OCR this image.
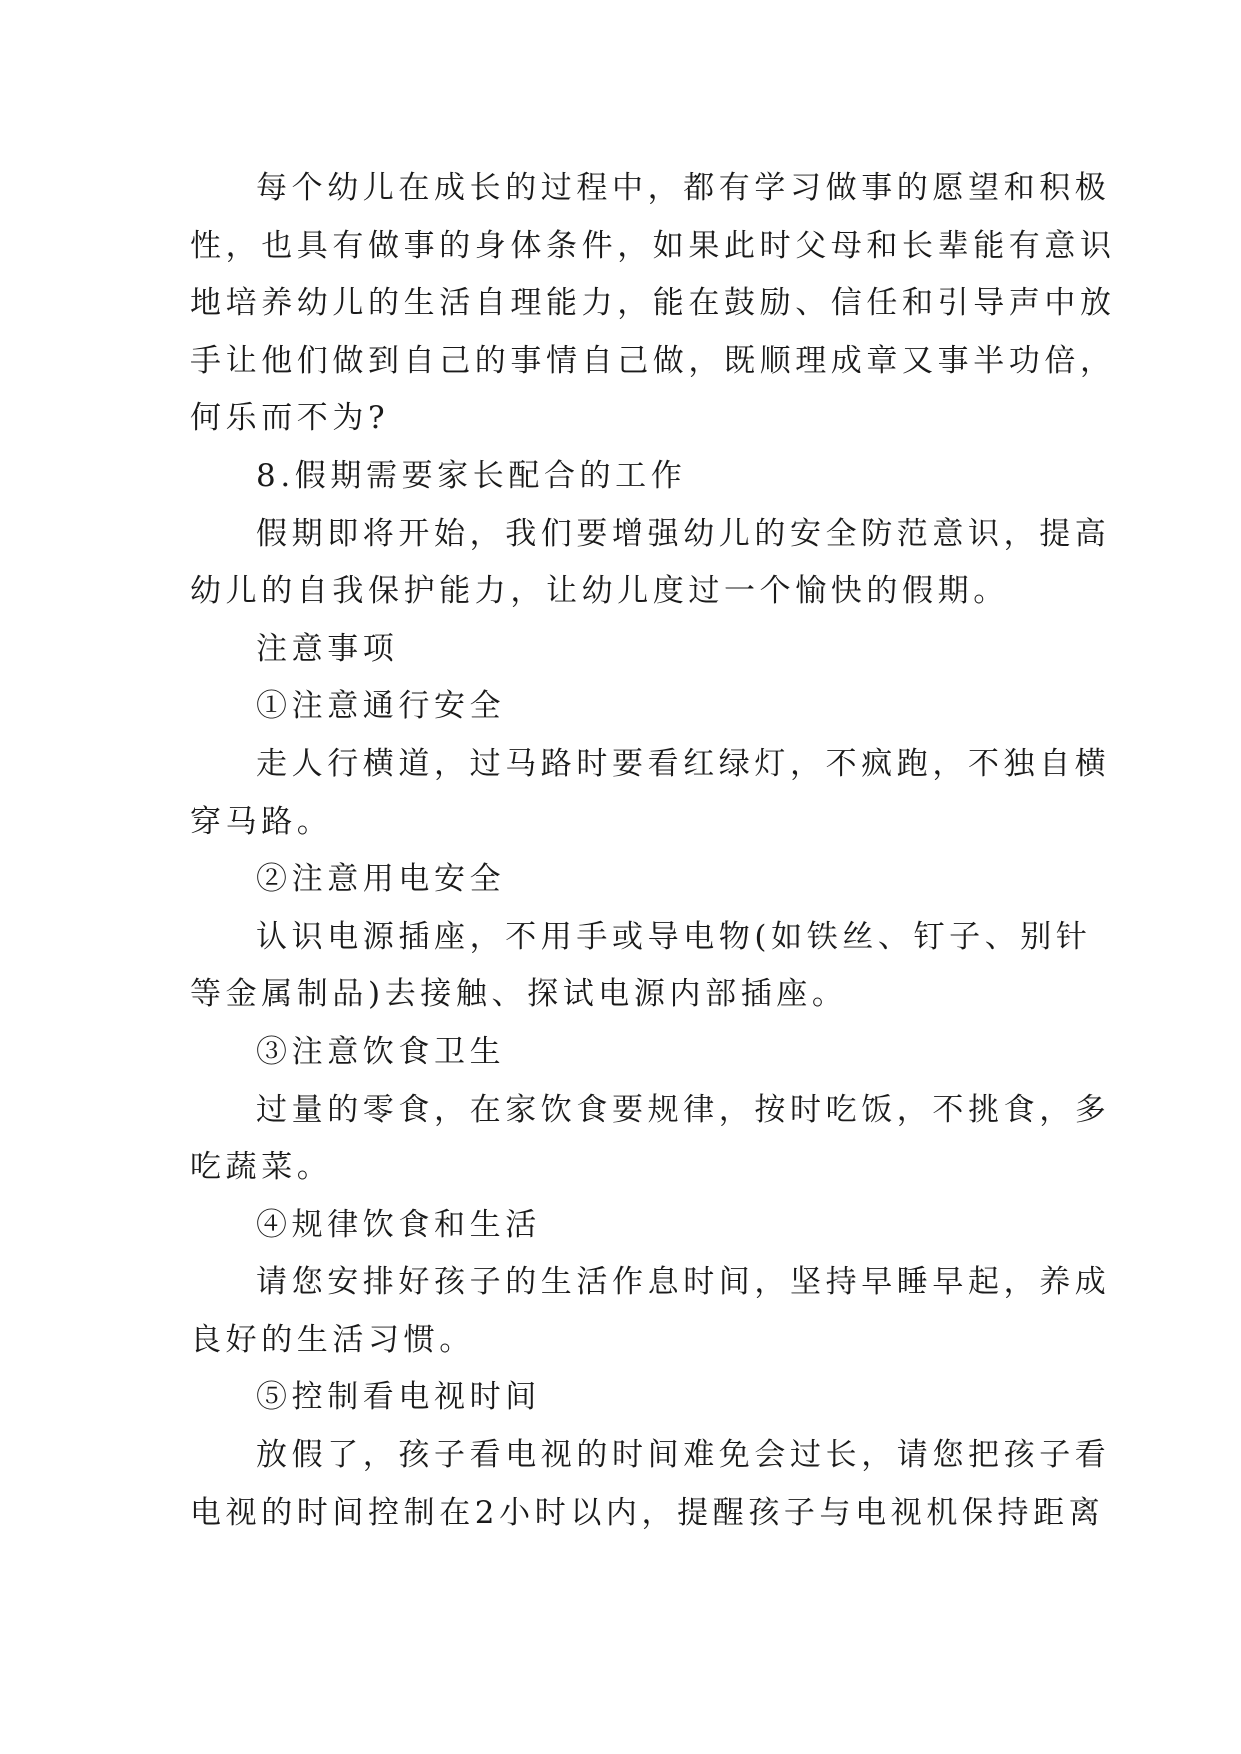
每个幼儿在成长的过程中，都有学习做事的愿望和积极

性，也具有做事的身体条件，如果此时父母和长辈能有意识

地培养幼儿的生活自理能力，能在鼓励、信任和引导声中放

手让他们做到自己的事情自己做，既顺理成章又事半功倍，

何乐而不为?

8.假期需要家长配合的工作

假期即将开始，我们要增强幼儿的安全防范意识，提高

幼儿的自我保护能力，让幼儿度过一个愉快的假期。

注意事项

①注意通行安全

走人行横道，过马路时要看红绿灯，不疯跑，不独自横

穿马路。

②注意用电安全

认识电源插座，不用手或导电物(如铁丝、钉子、别针

等金属制品)去接触、探试电源内部插座。

③注意饮食卫生

过量的零食，在家饮食要规律，按时吃饭，不挑食，多

吃蔬菜。

④规律饮食和生活

请您安排好孩子的生活作息时间，坚持早睡早起，养成

良好的生活习惯。

⑤控制看电视时间

放假了，孩子看电视的时间难免会过长，请您把孩子看

电视的时间控制在2小时以内，提醒孩子与电视机保持距离
